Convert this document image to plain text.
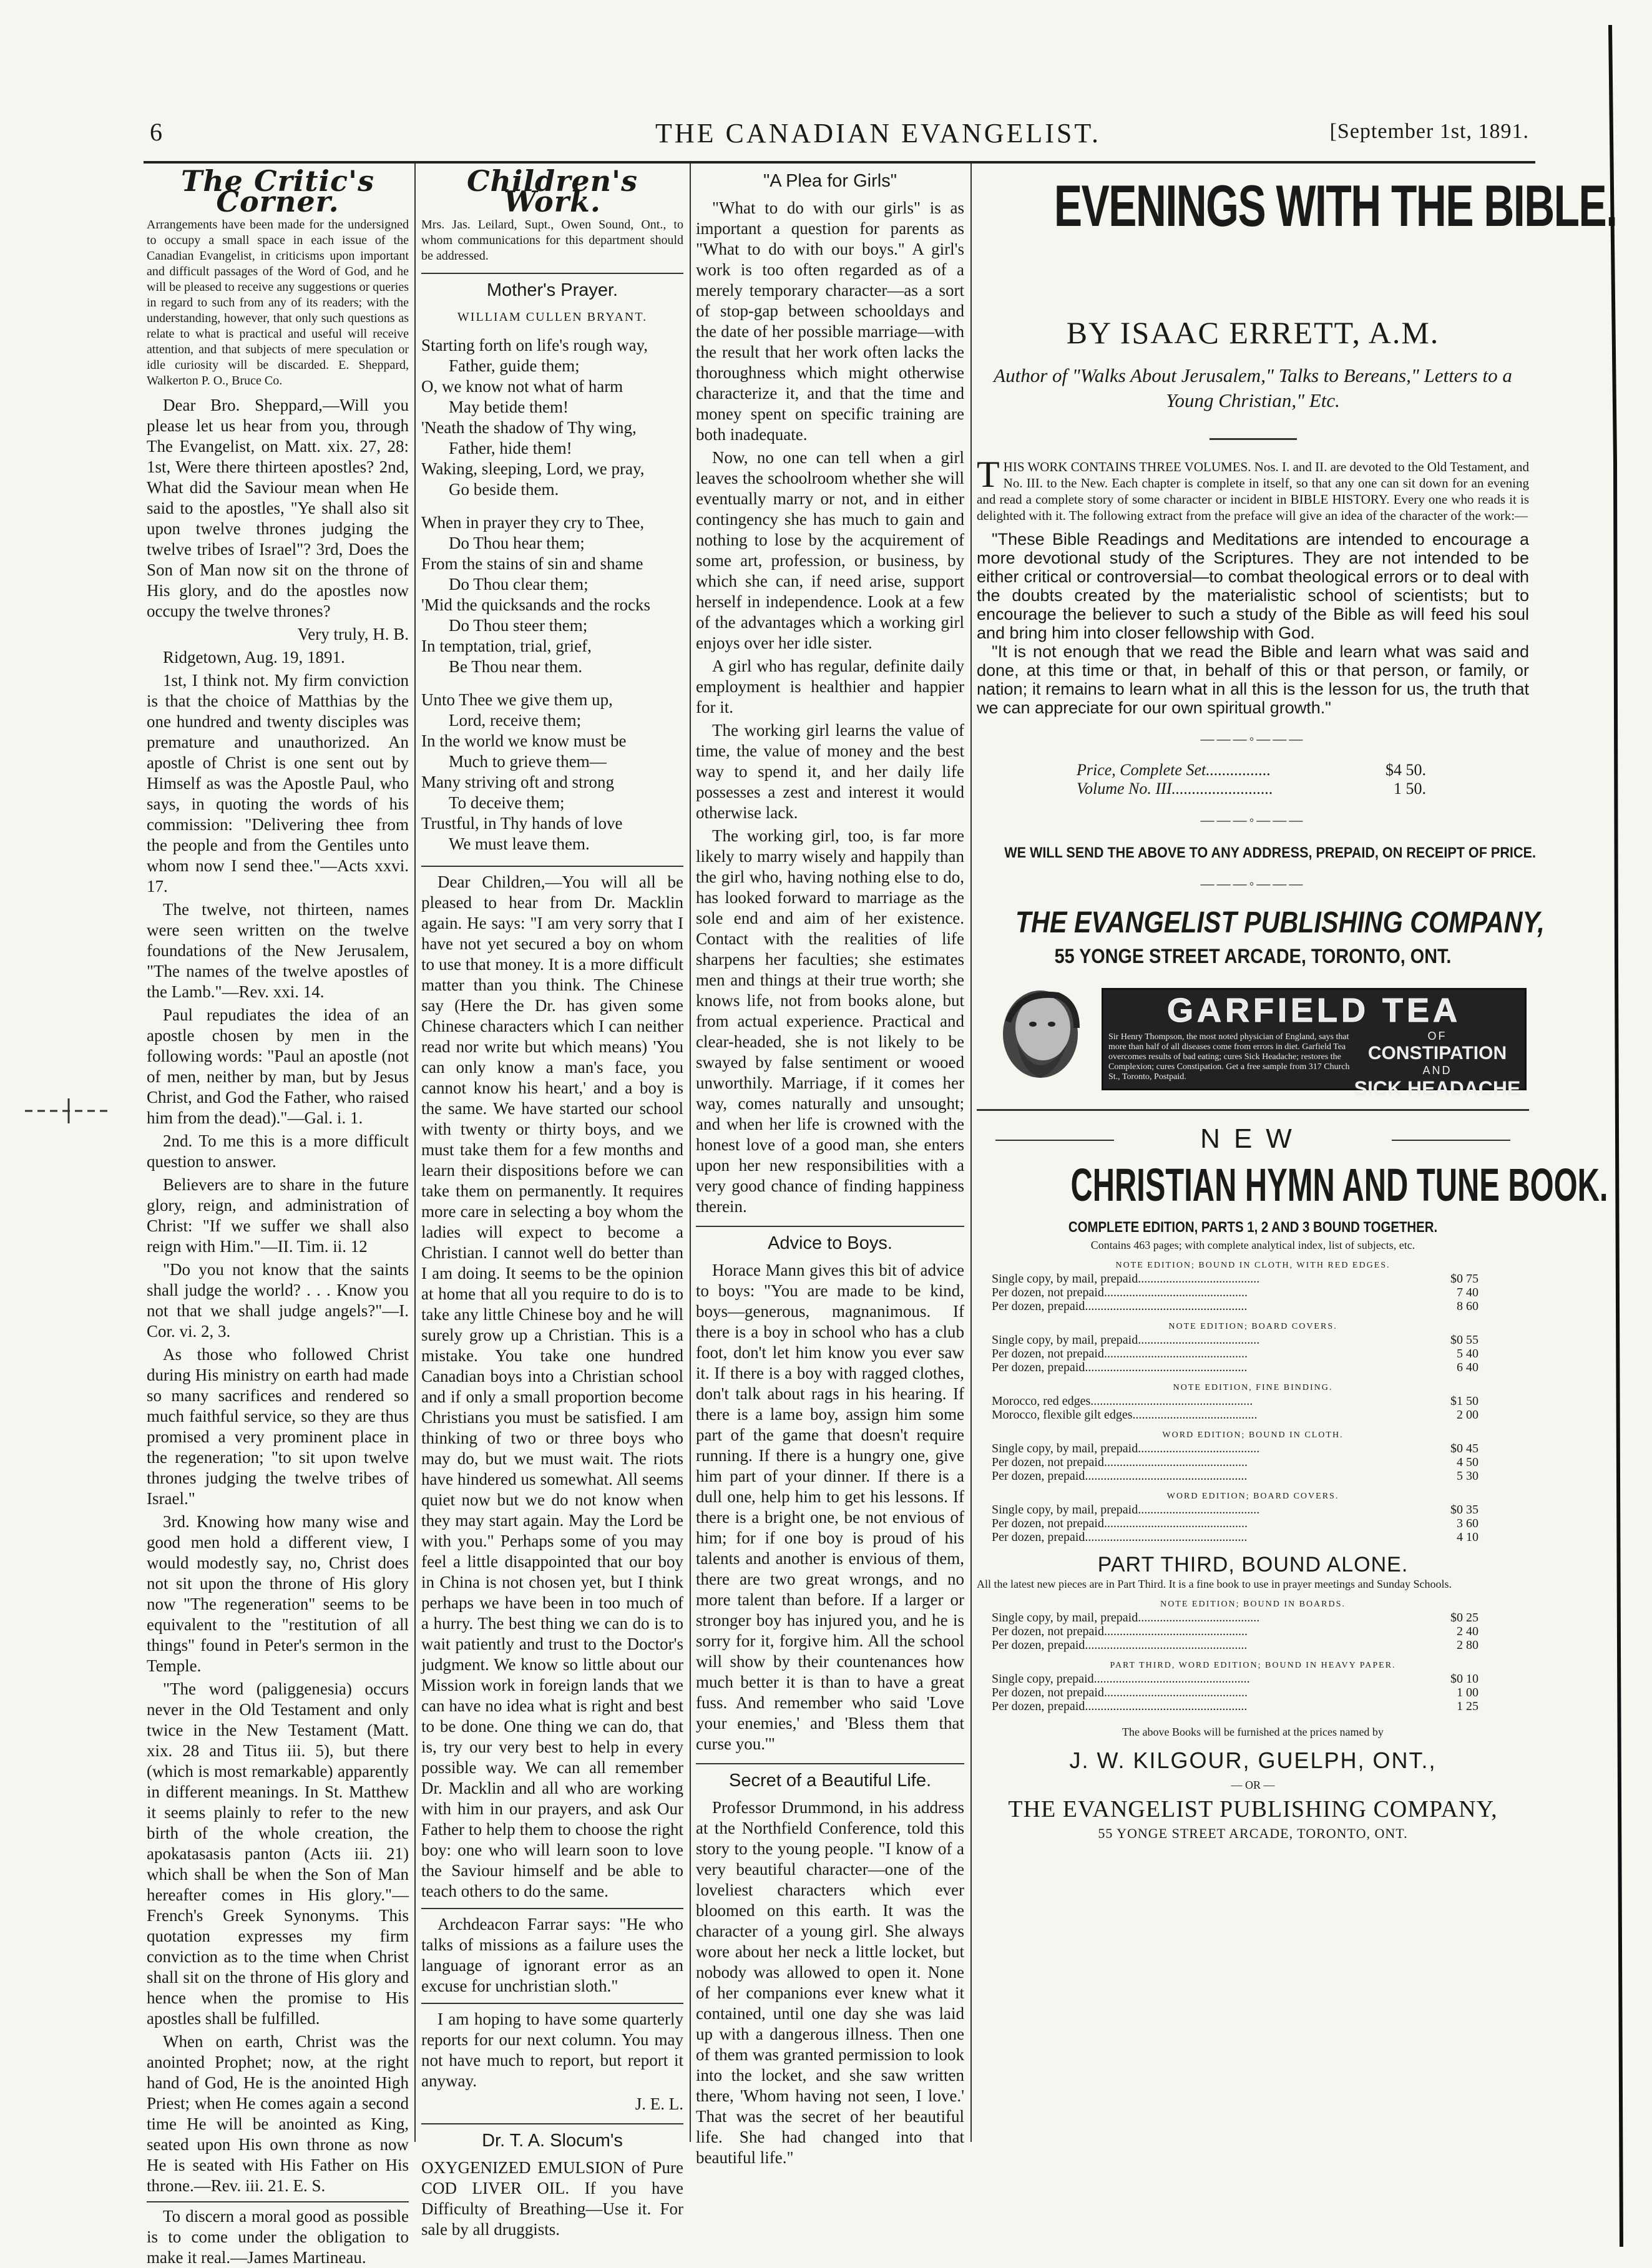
6	THE CANADIAN EVANGELIST.	[September 1st, 1891.
The Critic's Corner.
Arrangements have been made for the undersigned to occupy a small space in each issue of the Canadian Evangelist, in criticisms upon important and difficult passages of the Word of God, and he will be pleased to receive any suggestions or queries in regard to such from any of its readers; with the understanding, however, that only such questions as relate to what is practical and useful will receive attention, and that subjects of mere speculation or idle curiosity will be discarded. E. Sheppard, Walkerton P. O., Bruce Co.

Dear Bro. Sheppard,—Will you please let us hear from you, through The Evangelist, on Matt. xix. 27, 28: 1st, Were there thirteen apostles? 2nd, What did the Saviour mean when He said to the apostles, "Ye shall also sit upon twelve thrones judging the twelve tribes of Israel"? 3rd, Does the Son of Man now sit on the throne of His glory, and do the apostles now occupy the twelve thrones?

Very truly, H. B.

Ridgetown, Aug. 19, 1891.

1st, I think not. My firm conviction is that the choice of Matthias by the one hundred and twenty disciples was premature and unauthorized. An apostle of Christ is one sent out by Himself as was the Apostle Paul, who says, in quoting the words of his commission: "Delivering thee from the people and from the Gentiles unto whom now I send thee."—Acts xxvi. 17.

The twelve, not thirteen, names were seen written on the twelve foundations of the New Jerusalem, "The names of the twelve apostles of the Lamb."—Rev. xxi. 14.

Paul repudiates the idea of an apostle chosen by men in the following words: "Paul an apostle (not of men, neither by man, but by Jesus Christ, and God the Father, who raised him from the dead)."—Gal. i. 1.

2nd. To me this is a more difficult question to answer.

Believers are to share in the future glory, reign, and administration of Christ: "If we suffer we shall also reign with Him."—II. Tim. ii. 12

"Do you not know that the saints shall judge the world? . . . Know you not that we shall judge angels?"—I. Cor. vi. 2, 3.

As those who followed Christ during His ministry on earth had made so many sacrifices and rendered so much faithful service, so they are thus promised a very prominent place in the regeneration; "to sit upon twelve thrones judging the twelve tribes of Israel."

3rd. Knowing how many wise and good men hold a different view, I would modestly say, no, Christ does not sit upon the throne of His glory now "The regeneration" seems to be equivalent to the "restitution of all things" found in Peter's sermon in the Temple.

"The word (paliggenesia) occurs never in the Old Testament and only twice in the New Testament (Matt. xix. 28 and Titus iii. 5), but there (which is most remarkable) apparently in different meanings. In St. Matthew it seems plainly to refer to the new birth of the whole creation, the apokatasasis panton (Acts iii. 21) which shall be when the Son of Man hereafter comes in His glory."—French's Greek Synonyms. This quotation expresses my firm conviction as to the time when Christ shall sit on the throne of His glory and hence when the promise to His apostles shall be fulfilled.

When on earth, Christ was the anointed Prophet; now, at the right hand of God, He is the anointed High Priest; when He comes again a second time He will be anointed as King, seated upon His own throne as now He is seated with His Father on His throne.—Rev. iii. 21. E. S.

To discern a moral good as possible is to come under the obligation to make it real.—James Martineau.

Children's Work.
Mrs. Jas. Leilard, Supt., Owen Sound, Ont., to whom communications for this department should be addressed.
Mother's Prayer.
WILLIAM CULLEN BRYANT.
Starting forth on life's rough way,
Father, guide them;
O, we know not what of harm
May betide them!
'Neath the shadow of Thy wing,
Father, hide them!
Waking, sleeping, Lord, we pray,
Go beside them.
When in prayer they cry to Thee,
Do Thou hear them;
From the stains of sin and shame
Do Thou clear them;
'Mid the quicksands and the rocks
Do Thou steer them;
In temptation, trial, grief,
Be Thou near them.
Unto Thee we give them up,
Lord, receive them;
In the world we know must be
Much to grieve them—
Many striving oft and strong
To deceive them;
Trustful, in Thy hands of love
We must leave them.

Dear Children,—You will all be pleased to hear from Dr. Macklin again. He says: "I am very sorry that I have not yet secured a boy on whom to use that money. It is a more difficult matter than you think. The Chinese say (Here the Dr. has given some Chinese characters which I can neither read nor write but which means) 'You can only know a man's face, you cannot know his heart,' and a boy is the same. We have started our school with twenty or thirty boys, and we must take them for a few months and learn their dispositions before we can take them on permanently. It requires more care in selecting a boy whom the ladies will expect to become a Christian. I cannot well do better than I am doing. It seems to be the opinion at home that all you require to do is to take any little Chinese boy and he will surely grow up a Christian. This is a mistake. You take one hundred Canadian boys into a Christian school and if only a small proportion become Christians you must be satisfied. I am thinking of two or three boys who may do, but we must wait. The riots have hindered us somewhat. All seems quiet now but we do not know when they may start again. May the Lord be with you." Perhaps some of you may feel a little disappointed that our boy in China is not chosen yet, but I think perhaps we have been in too much of a hurry. The best thing we can do is to wait patiently and trust to the Doctor's judgment. We know so little about our Mission work in foreign lands that we can have no idea what is right and best to be done. One thing we can do, that is, try our very best to help in every possible way. We can all remember Dr. Macklin and all who are working with him in our prayers, and ask Our Father to help them to choose the right boy: one who will learn soon to love the Saviour himself and be able to teach others to do the same.

Archdeacon Farrar says: "He who talks of missions as a failure uses the language of ignorant error as an excuse for unchristian sloth."

I am hoping to have some quarterly reports for our next column. You may not have much to report, but report it anyway.

J. E. L.

Dr. T. A. Slocum's

OXYGENIZED EMULSION of Pure COD LIVER OIL. If you have Difficulty of Breathing—Use it. For sale by all druggists.

"A Plea for Girls"

"What to do with our girls" is as important a question for parents as "What to do with our boys." A girl's work is too often regarded as of a merely temporary character—as a sort of stop-gap between schooldays and the date of her possible marriage—with the result that her work often lacks the thoroughness which might otherwise characterize it, and that the time and money spent on specific training are both inadequate.

Now, no one can tell when a girl leaves the schoolroom whether she will eventually marry or not, and in either contingency she has much to gain and nothing to lose by the acquirement of some art, profession, or business, by which she can, if need arise, support herself in independence. Look at a few of the advantages which a working girl enjoys over her idle sister.

A girl who has regular, definite daily employment is healthier and happier for it.

The working girl learns the value of time, the value of money and the best way to spend it, and her daily life possesses a zest and interest it would otherwise lack.

The working girl, too, is far more likely to marry wisely and happily than the girl who, having nothing else to do, has looked forward to marriage as the sole end and aim of her existence. Contact with the realities of life sharpens her faculties; she estimates men and things at their true worth; she knows life, not from books alone, but from actual experience. Practical and clear-headed, she is not likely to be swayed by false sentiment or wooed unworthily. Marriage, if it comes her way, comes naturally and unsought; and when her life is crowned with the honest love of a good man, she enters upon her new responsibilities with a very good chance of finding happiness therein.

Advice to Boys.

Horace Mann gives this bit of advice to boys: "You are made to be kind, boys—generous, magnanimous. If there is a boy in school who has a club foot, don't let him know you ever saw it. If there is a boy with ragged clothes, don't talk about rags in his hearing. If there is a lame boy, assign him some part of the game that doesn't require running. If there is a hungry one, give him part of your dinner. If there is a dull one, help him to get his lessons. If there is a bright one, be not envious of him; for if one boy is proud of his talents and another is envious of them, there are two great wrongs, and no more talent than before. If a larger or stronger boy has injured you, and he is sorry for it, forgive him. All the school will show by their countenances how much better it is than to have a great fuss. And remember who said 'Love your enemies,' and 'Bless them that curse you.'"

Secret of a Beautiful Life.

Professor Drummond, in his address at the Northfield Conference, told this story to the young people. "I know of a very beautiful character—one of the loveliest characters which ever bloomed on this earth. It was the character of a young girl. She always wore about her neck a little locket, but nobody was allowed to open it. None of her companions ever knew what it contained, until one day she was laid up with a dangerous illness. Then one of them was granted permission to look into the locket, and she saw written there, 'Whom having not seen, I love.' That was the secret of her beautiful life. She had changed into that beautiful life."

EVENINGS WITH THE BIBLE.
BY ISAAC ERRETT, A.M.
Author of "Walks About Jerusalem," Talks to Bereans," Letters to a Young Christian," Etc.
THIS WORK CONTAINS THREE VOLUMES. Nos. I. and II. are devoted to the Old Testament, and No. III. to the New. Each chapter is complete in itself, so that any one can sit down for an evening and read a complete story of some character or incident in BIBLE HISTORY. Every one who reads it is delighted with it. The following extract from the preface will give an idea of the character of the work:—

"These Bible Readings and Meditations are intended to encourage a more devotional study of the Scriptures. They are not intended to be either critical or controversial—to combat theological errors or to deal with the doubts created by the materialistic school of scientists; but to encourage the believer to such a study of the Bible as will feed his soul and bring him into closer fellowship with God.

"It is not enough that we read the Bible and learn what was said and done, at this time or that, in behalf of this or that person, or family, or nation; it remains to learn what in all this is the lesson for us, the truth that we can appreciate for our own spiritual growth."

———◦———
Price, Complete Set................	$4 50.
Volume No. III.........................	1 50.
———◦———
WE WILL SEND THE ABOVE TO ANY ADDRESS, PREPAID, ON RECEIPT OF PRICE.
———◦———
THE EVANGELIST PUBLISHING COMPANY,
55 YONGE STREET ARCADE, TORONTO, ONT.
GARFIELD TEA
Sir Henry Thompson, the most noted physician of England, says that more than half of all diseases come from errors in diet. Garfield Tea overcomes results of bad eating; cures Sick Headache; restores the Complexion; cures Constipation. Get a free sample from 317 Church St., Toronto, Postpaid.
OF
CONSTIPATION
AND
SICK HEADACHE
NEW
CHRISTIAN HYMN AND TUNE BOOK.
COMPLETE EDITION, PARTS 1, 2 AND 3 BOUND TOGETHER.
Contains 463 pages; with complete analytical index, list of subjects, etc.
NOTE EDITION; BOUND IN CLOTH, WITH RED EDGES.
Single copy, by mail, prepaid.......................................	$0 75
Per dozen, not prepaid..............................................	7 40
Per dozen, prepaid....................................................	8 60
NOTE EDITION; BOARD COVERS.
Single copy, by mail, prepaid.......................................	$0 55
Per dozen, not prepaid..............................................	5 40
Per dozen, prepaid....................................................	6 40
NOTE EDITION, FINE BINDING.
Morocco, red edges....................................................	$1 50
Morocco, flexible gilt edges........................................	2 00
WORD EDITION; BOUND IN CLOTH.
Single copy, by mail, prepaid.......................................	$0 45
Per dozen, not prepaid..............................................	4 50
Per dozen, prepaid....................................................	5 30
WORD EDITION; BOARD COVERS.
Single copy, by mail, prepaid.......................................	$0 35
Per dozen, not prepaid..............................................	3 60
Per dozen, prepaid....................................................	4 10
PART THIRD, BOUND ALONE.
All the latest new pieces are in Part Third. It is a fine book to use in prayer meetings and Sunday Schools.
NOTE EDITION; BOUND IN BOARDS.
Single copy, by mail, prepaid.......................................	$0 25
Per dozen, not prepaid..............................................	2 40
Per dozen, prepaid....................................................	2 80
PART THIRD, WORD EDITION; BOUND IN HEAVY PAPER.
Single copy, prepaid..................................................	$0 10
Per dozen, not prepaid..............................................	1 00
Per dozen, prepaid....................................................	1 25
The above Books will be furnished at the prices named by
J. W. KILGOUR, GUELPH, ONT.,
— OR —
THE EVANGELIST PUBLISHING COMPANY,
55 YONGE STREET ARCADE, TORONTO, ONT.
